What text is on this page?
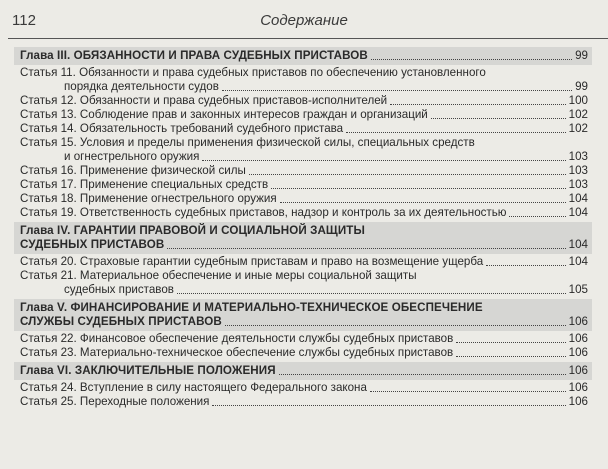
112	Содержание
Глава III. ОБЯЗАННОСТИ И ПРАВА СУДЕБНЫХ ПРИСТАВОВ	99
Статья 11. Обязанности и права судебных приставов по обеспечению установленного
порядка деятельности судов	99
Статья 12. Обязанности и права судебных приставов-исполнителей	100
Статья 13. Соблюдение прав и законных интересов граждан и организаций	102
Статья 14. Обязательность требований судебного пристава	102
Статья 15. Условия и пределы применения физической силы, специальных средств
и огнестрельного оружия	103
Статья 16. Применение физической силы	103
Статья 17. Применение специальных средств	103
Статья 18. Применение огнестрельного оружия	104
Статья 19. Ответственность судебных приставов, надзор и контроль за их деятельностью	104
Глава IV. ГАРАНТИИ ПРАВОВОЙ И СОЦИАЛЬНОЙ ЗАЩИТЫ
СУДЕБНЫХ ПРИСТАВОВ	104
Статья 20. Страховые гарантии судебным приставам и право на возмещение ущерба	104
Статья 21. Материальное обеспечение и иные меры социальной защиты
судебных приставов	105
Глава V. ФИНАНСИРОВАНИЕ И МАТЕРИАЛЬНО-ТЕХНИЧЕСКОЕ ОБЕСПЕЧЕНИЕ
СЛУЖБЫ СУДЕБНЫХ ПРИСТАВОВ	106
Статья 22. Финансовое обеспечение деятельности службы судебных приставов	106
Статья 23. Материально-техническое обеспечение службы судебных приставов	106
Глава VI. ЗАКЛЮЧИТЕЛЬНЫЕ ПОЛОЖЕНИЯ	106
Статья 24. Вступление в силу настоящего Федерального закона	106
Статья 25. Переходные положения	106
